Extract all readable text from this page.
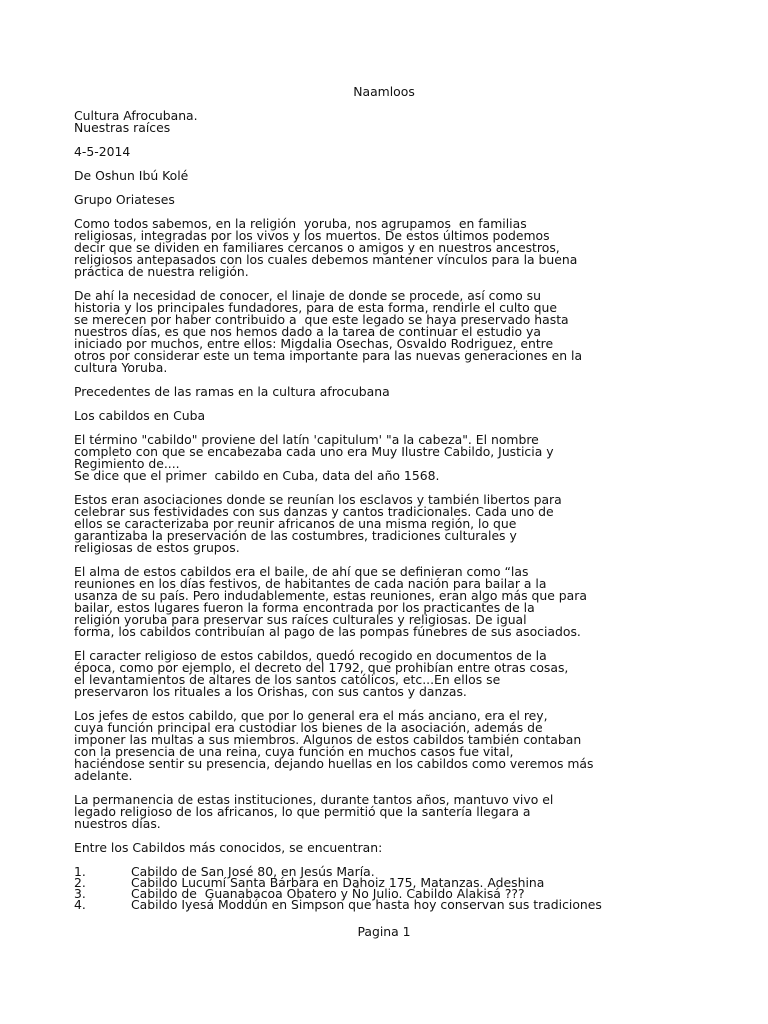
Naamloos
Cultura Afrocubana.
Nuestras raíces
4-5-2014
De Oshun Ibú Kolé
Grupo Oriateses
Como todos sabemos, en la religión  yoruba, nos agrupamos  en familias
religiosas, integradas por los vivos y los muertos. De estos últimos podemos
decir que se dividen en familiares cercanos o amigos y en nuestros ancestros,
religiosos antepasados con los cuales debemos mantener vínculos para la buena
práctica de nuestra religión.
De ahí la necesidad de conocer, el linaje de donde se procede, así como su
historia y los principales fundadores, para de esta forma, rendirle el culto que
se merecen por haber contribuido a  que este legado se haya preservado hasta
nuestros días, es que nos hemos dado a la tarea de continuar el estudio ya
iniciado por muchos, entre ellos: Migdalia Osechas, Osvaldo Rodriguez, entre
otros por considerar este un tema importante para las nuevas generaciones en la
cultura Yoruba.
Precedentes de las ramas en la cultura afrocubana
Los cabildos en Cuba
El término "cabildo" proviene del latín 'capitulum' "a la cabeza". El nombre
completo con que se encabezaba cada uno era Muy Ilustre Cabildo, Justicia y
Regimiento de....
Se dice que el primer  cabildo en Cuba, data del año 1568.
Estos eran asociaciones donde se reunían los esclavos y también libertos para
celebrar sus festividades con sus danzas y cantos tradicionales. Cada uno de
ellos se caracterizaba por reunir africanos de una misma región, lo que
garantizaba la preservación de las costumbres, tradiciones culturales y
religiosas de estos grupos.
El alma de estos cabildos era el baile, de ahí que se definieran como “las
reuniones en los días festivos, de habitantes de cada nación para bailar a la
usanza de su país. Pero indudablemente, estas reuniones, eran algo más que para
bailar, estos lugares fueron la forma encontrada por los practicantes de la
religión yoruba para preservar sus raíces culturales y religiosas. De igual
forma, los cabildos contribuían al pago de las pompas fúnebres de sus asociados.
El caracter religioso de estos cabildos, quedó recogido en documentos de la
época, como por ejemplo, el decreto del 1792, que prohibían entre otras cosas,
el levantamientos de altares de los santos católicos, etc...En ellos se
preservaron los rituales a los Orishas, con sus cantos y danzas.
Los jefes de estos cabildo, que por lo general era el más anciano, era el rey,
cuya función principal era custodiar los bienes de la asociación, además de
imponer las multas a sus miembros. Algunos de estos cabildos también contaban
con la presencia de una reina, cuya función en muchos casos fue vital,
haciéndose sentir su presencia, dejando huellas en los cabildos como veremos más
adelante.
La permanencia de estas instituciones, durante tantos años, mantuvo vivo el
legado religioso de los africanos, lo que permitió que la santería llegara a
nuestros días.
Entre los Cabildos más conocidos, se encuentran:
1.	Cabildo de San José 80, en Jesús María.
2.	Cabildo Lucumí Santa Bárbara en Dahoiz 175, Matanzas. Adeshina
3.	Cabildo de  Guanabacoa Obatero y Ño Julio. Cabildo Alakisá ???
4.	Cabildo Iyesá Moddún en Simpson que hasta hoy conservan sus tradiciones
Pagina 1
